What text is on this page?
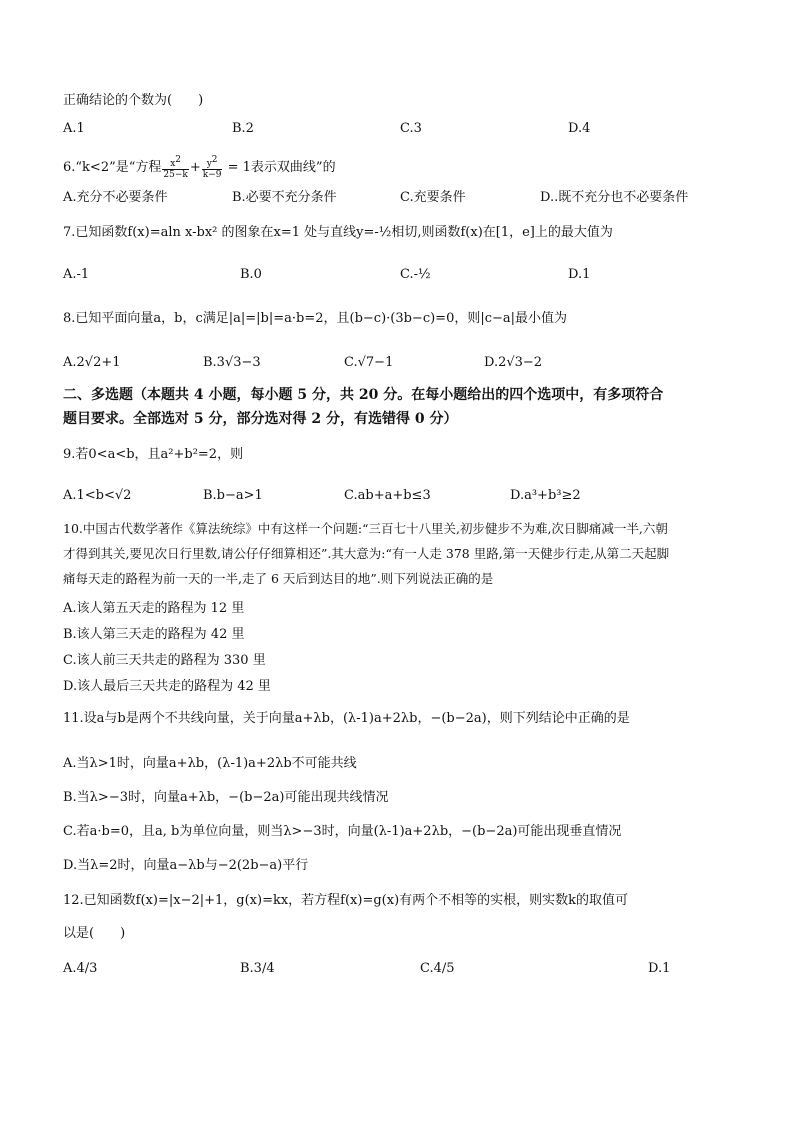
正确结论的个数为(　　)
A.1	B.2	C.3	D.4
6.“k<2”是“方程 $\frac{x^2}{25-k} + \frac{y^2}{k-9} = 1$表示双曲线”的
A.充分不必要条件	B.必要不充分条件	C.充要条件	D..既不充分也不必要条件
7.已知函数f(x)=aln x-bx² 的图象在x=1 处与直线y=-½相切,则函数f(x)在[1，e]上的最大值为
A.-1	B.0	C.-½	D.1
8.已知平面向量a，b，c满足|a|=|b|=a·b=2，且(b−c)·(3b−c)=0，则|c−a|最小值为
A.2√2+1	B.3√3−3	C.√7−1	D.2√3−2
二、多选题（本题共 4 小题，每小题 5 分，共 20 分。在每小题给出的四个选项中，有多项符合
题目要求。全部选对 5 分，部分选对得 2 分，有选错得 0 分）
9.若0<a<b，且a²+b²=2，则
A.1<b<√2	B.b−a>1	C.ab+a+b≤3	D.a³+b³≥2
10.中国古代数学著作《算法统综》中有这样一个问题:“三百七十八里关,初步健步不为难,次日脚痛减一半,六朝
才得到其关,要见次日行里数,请公仔仔细算相还”.其大意为:“有一人走 378 里路,第一天健步行走,从第二天起脚
痛每天走的路程为前一天的一半,走了 6 天后到达目的地”.则下列说法正确的是
A.该人第五天走的路程为 12 里
B.该人第三天走的路程为 42 里
C.该人前三天共走的路程为 330 里
D.该人最后三天共走的路程为 42 里
11.设a与b是两个不共线向量，关于向量a+λb，(λ-1)a+2λb，−(b−2a)，则下列结论中正确的是
A.当λ>1时，向量a+λb，(λ-1)a+2λb不可能共线
B.当λ>−3时，向量a+λb，−(b−2a)可能出现共线情况
C.若a·b=0，且a, b为单位向量，则当λ>−3时，向量(λ-1)a+2λb，−(b−2a)可能出现垂直情况
D.当λ=2时，向量a−λb与−2(2b−a)平行
12.已知函数f(x)=|x−2|+1，g(x)=kx，若方程f(x)=g(x)有两个不相等的实根，则实数k的取值可
以是(　　)
A.4/3	B.3/4	C.4/5	D.1
